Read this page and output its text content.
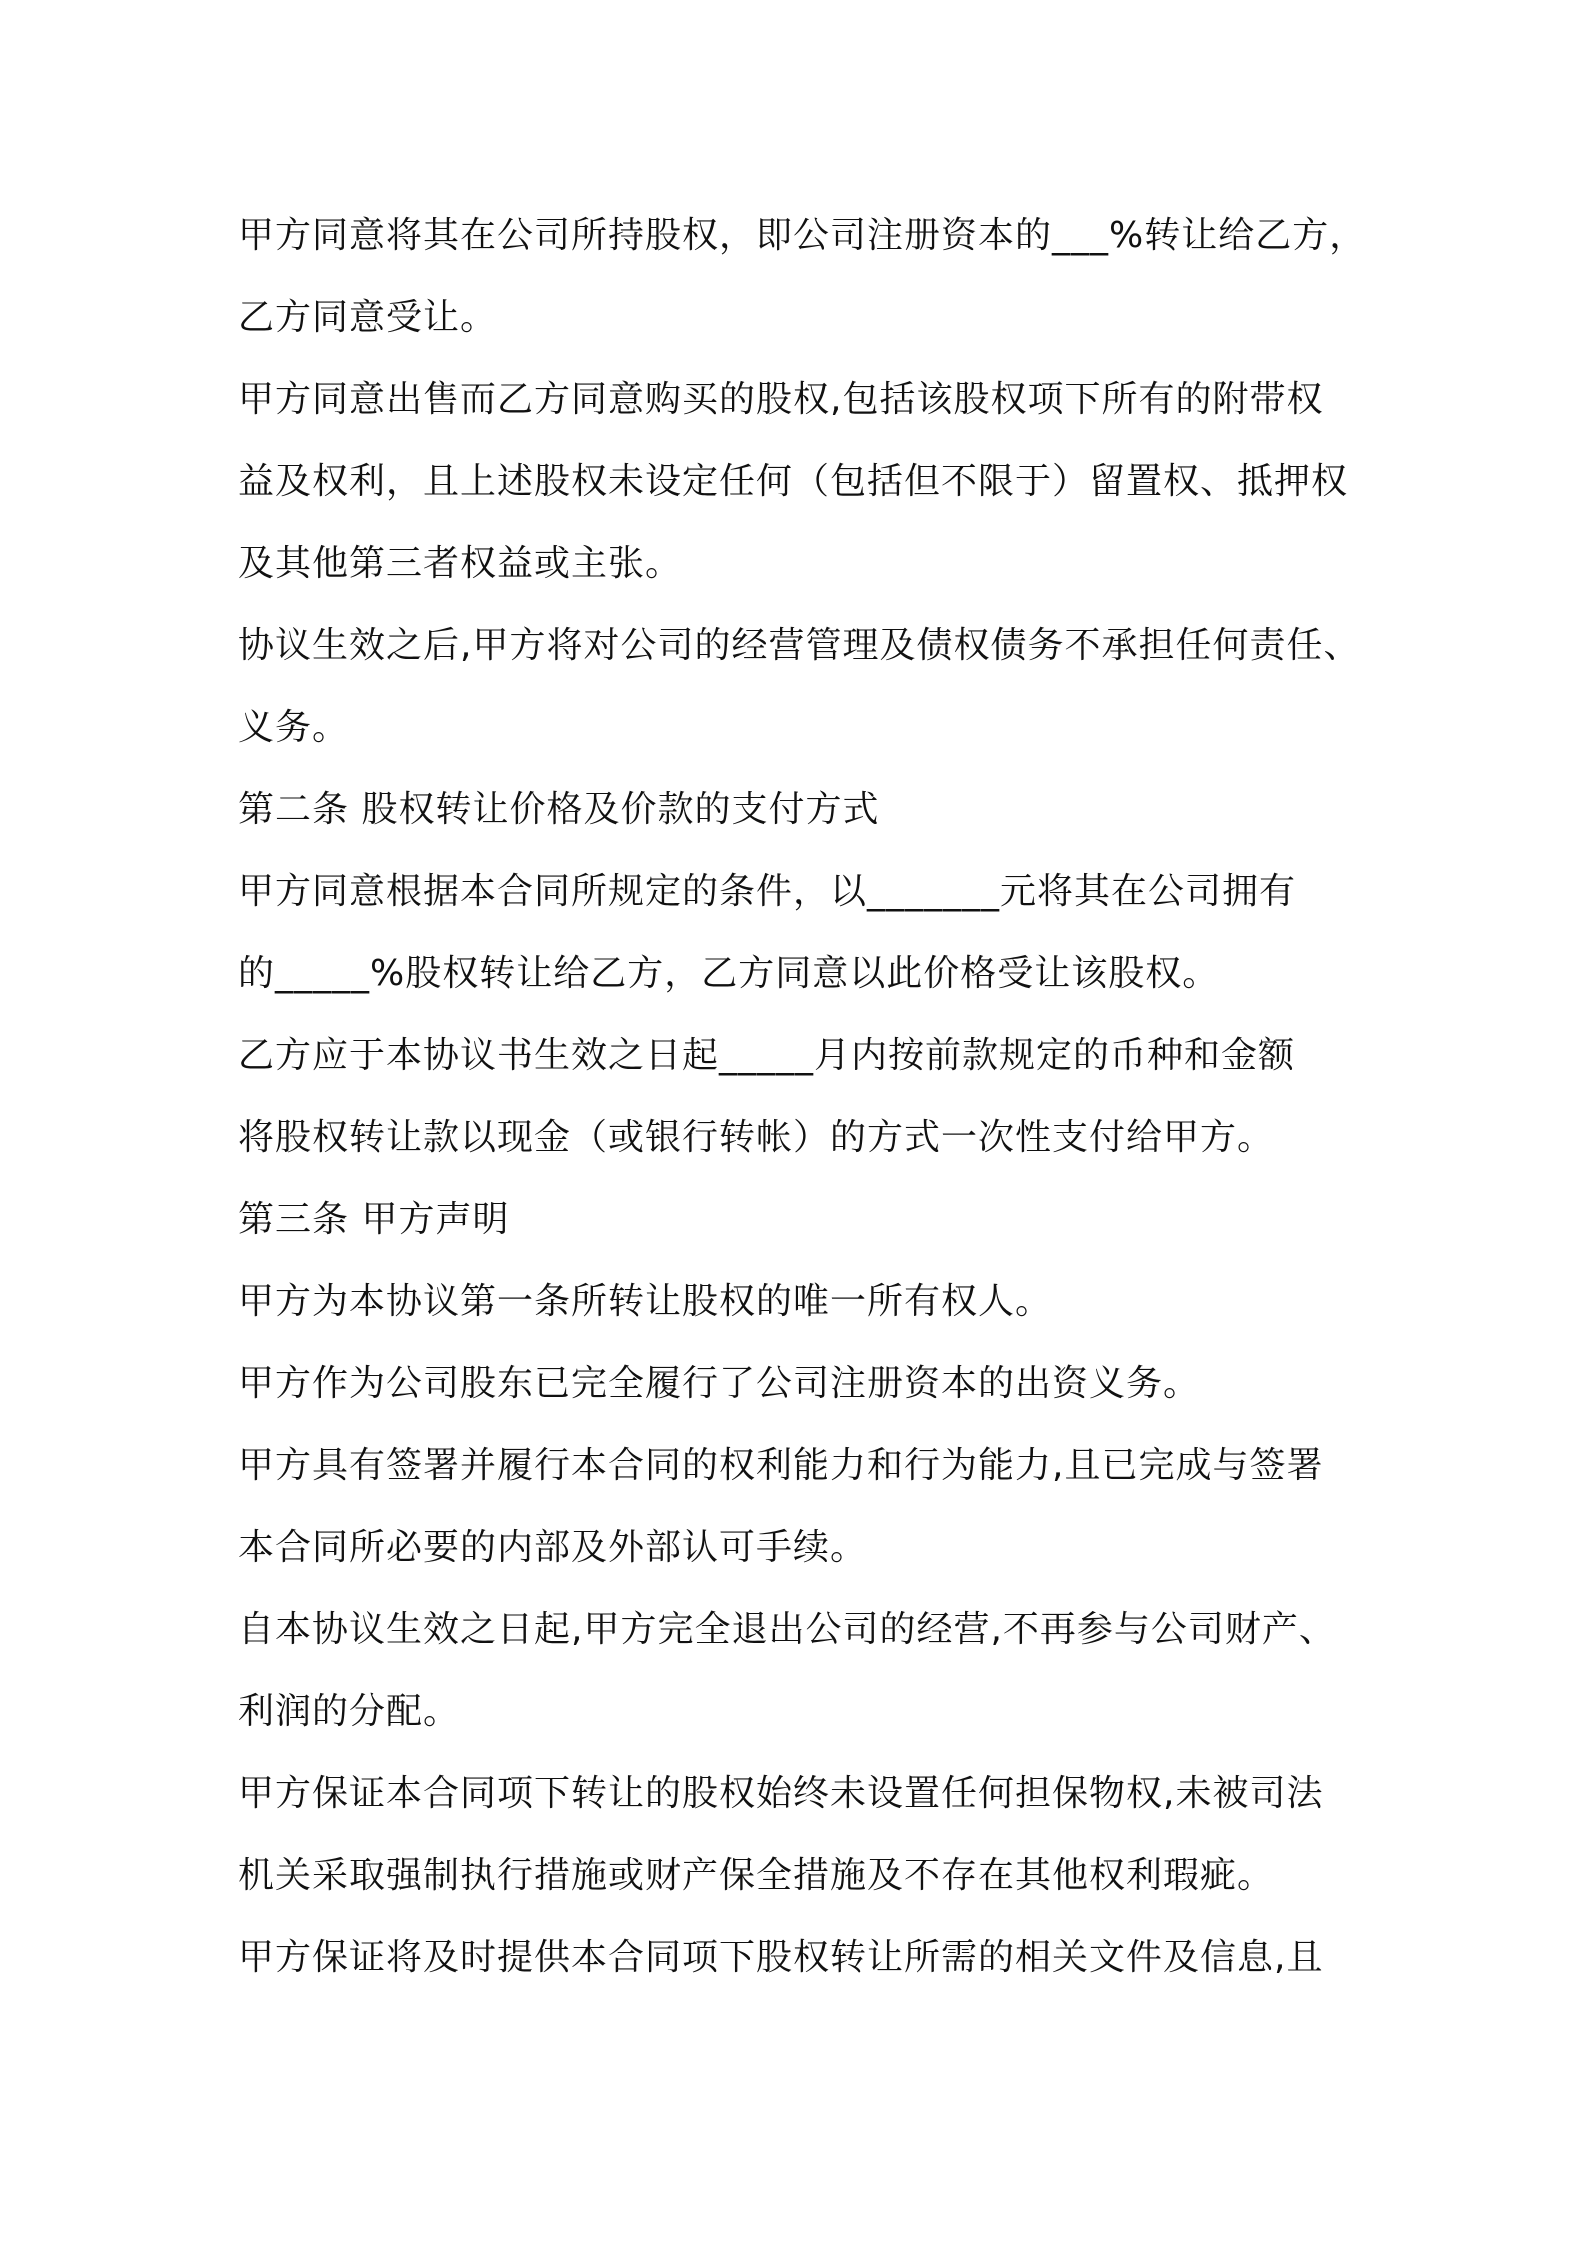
甲方同意将其在公司所持股权，即公司注册资本的___%转让给乙方，
乙方同意受让。
甲方同意出售而乙方同意购买的股权,包括该股权项下所有的附带权
益及权利，且上述股权未设定任何（包括但不限于）留置权、抵押权
及其他第三者权益或主张。
协议生效之后,甲方将对公司的经营管理及债权债务不承担任何责任、
义务。
第二条 股权转让价格及价款的支付方式
甲方同意根据本合同所规定的条件，以_______元将其在公司拥有
的_____%股权转让给乙方，乙方同意以此价格受让该股权。
乙方应于本协议书生效之日起_____月内按前款规定的币种和金额
将股权转让款以现金（或银行转帐）的方式一次性支付给甲方。
第三条 甲方声明
甲方为本协议第一条所转让股权的唯一所有权人。
甲方作为公司股东已完全履行了公司注册资本的出资义务。
甲方具有签署并履行本合同的权利能力和行为能力,且已完成与签署
本合同所必要的内部及外部认可手续。
自本协议生效之日起,甲方完全退出公司的经营,不再参与公司财产、
利润的分配。
甲方保证本合同项下转让的股权始终未设置任何担保物权,未被司法
机关采取强制执行措施或财产保全措施及不存在其他权利瑕疵。
甲方保证将及时提供本合同项下股权转让所需的相关文件及信息,且
